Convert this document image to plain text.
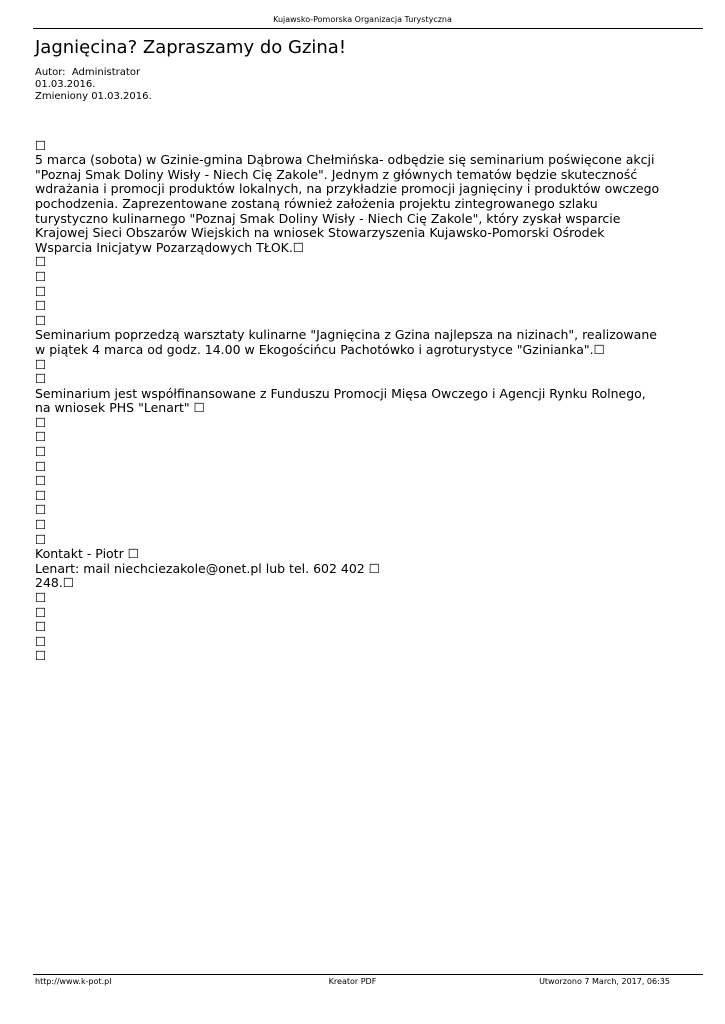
Kujawsko-Pomorska Organizacja Turystyczna
Jagnięcina? Zapraszamy do Gzina!
Autor:  Administrator
01.03.2016.
Zmieniony 01.03.2016.
☐
5 marca (sobota) w Gzinie-gmina Dąbrowa Chełmińska- odbędzie się seminarium poświęcone akcji "Poznaj Smak Doliny Wisły - Niech Cię Zakole". Jednym z głównych tematów będzie skuteczność wdrażania i promocji produktów lokalnych, na przykładzie promocji jagnięciny i produktów owczego pochodzenia. Zaprezentowane zostaną również założenia projektu zintegrowanego szlaku turystyczno kulinarnego "Poznaj Smak Doliny Wisły - Niech Cię Zakole", który zyskał wsparcie Krajowej Sieci Obszarów Wiejskich na wniosek Stowarzyszenia Kujawsko-Pomorski Ośrodek Wsparcia Inicjatyw Pozarządowych TŁOK.☐
☐
☐
☐
☐
☐
Seminarium poprzedzą warsztaty kulinarne "Jagnięcina z Gzina najlepsza na nizinach", realizowane w piątek 4 marca od godz. 14.00 w Ekogościńcu Pachotówko i agroturystyce "Gzinianka".☐
☐
☐
Seminarium jest współfinansowane z Funduszu Promocji Mięsa Owczego i Agencji Rynku Rolnego, na wniosek PHS "Lenart" ☐
☐
☐
☐
☐
☐
☐
☐
☐
☐
Kontakt - Piotr ☐
Lenart: mail niechciezakole@onet.pl lub tel. 602 402 ☐
248.☐
☐
☐
☐
☐
☐
http://www.k-pot.pl	Kreator PDF	Utworzono 7 March, 2017, 06:35
